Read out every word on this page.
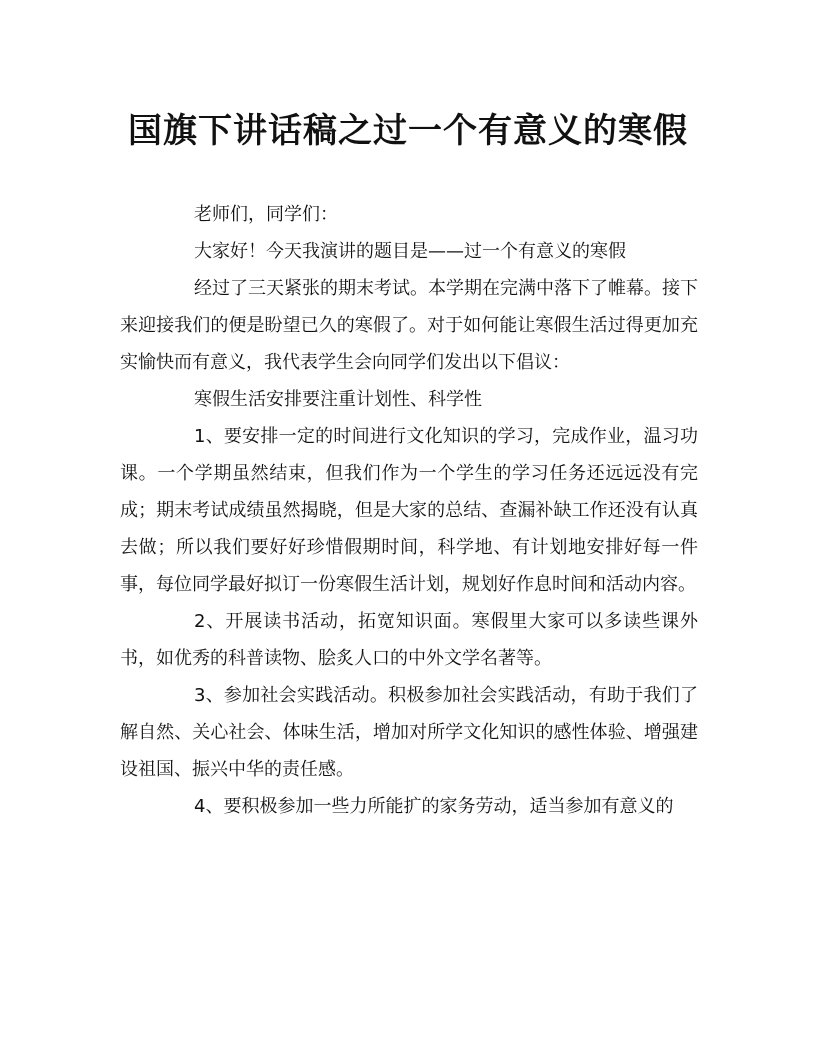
国旗下讲话稿之过一个有意义的寒假

老师们，同学们：

大家好！今天我演讲的题目是——过一个有意义的寒假

经过了三天紧张的期末考试。本学期在完满中落下了帷幕。接下来迎接我们的便是盼望已久的寒假了。对于如何能让寒假生活过得更加充实愉快而有意义，我代表学生会向同学们发出以下倡议：

寒假生活安排要注重计划性、科学性

1、要安排一定的时间进行文化知识的学习，完成作业，温习功课。一个学期虽然结束，但我们作为一个学生的学习任务还远远没有完成；期末考试成绩虽然揭晓，但是大家的总结、查漏补缺工作还没有认真去做；所以我们要好好珍惜假期时间，科学地、有计划地安排好每一件事，每位同学最好拟订一份寒假生活计划，规划好作息时间和活动内容。

2、开展读书活动，拓宽知识面。寒假里大家可以多读些课外书，如优秀的科普读物、脍炙人口的中外文学名著等。

3、参加社会实践活动。积极参加社会实践活动，有助于我们了解自然、关心社会、体味生活，增加对所学文化知识的感性体验、增强建设祖国、振兴中华的责任感。

4、要积极参加一些力所能扩的家务劳动，适当参加有意义的
